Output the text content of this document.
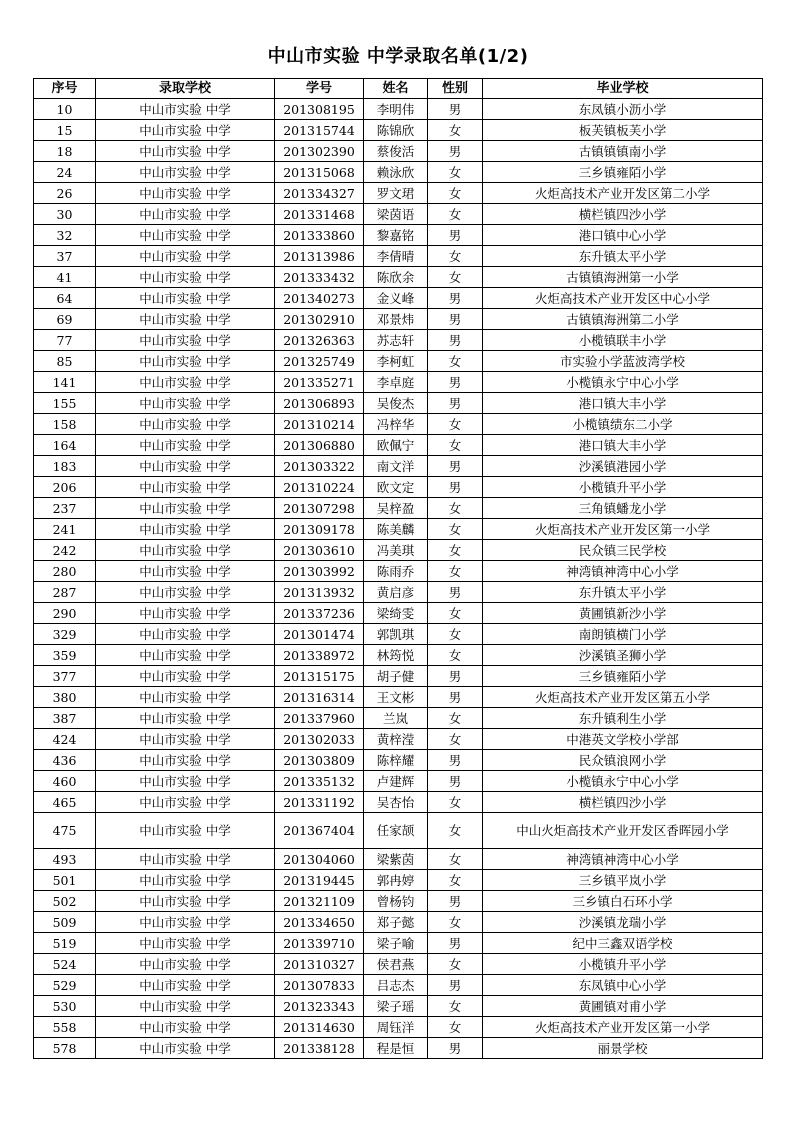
中山市实验 中学录取名单(1/2)
序号	录取学校	学号	姓名	性别	毕业学校
10	中山市实验 中学	201308195	李明伟	男	东凤镇小沥小学
15	中山市实验 中学	201315744	陈锦欣	女	板芙镇板芙小学
18	中山市实验 中学	201302390	蔡俊活	男	古镇镇镇南小学
24	中山市实验 中学	201315068	赖泳欣	女	三乡镇雍陌小学
26	中山市实验 中学	201334327	罗文珺	女	火炬高技术产业开发区第二小学
30	中山市实验 中学	201331468	梁茵语	女	横栏镇四沙小学
32	中山市实验 中学	201333860	黎嘉铭	男	港口镇中心小学
37	中山市实验 中学	201313986	李倩晴	女	东升镇太平小学
41	中山市实验 中学	201333432	陈欣余	女	古镇镇海洲第一小学
64	中山市实验 中学	201340273	金义峰	男	火炬高技术产业开发区中心小学
69	中山市实验 中学	201302910	邓景炜	男	古镇镇海洲第二小学
77	中山市实验 中学	201326363	苏志轩	男	小榄镇联丰小学
85	中山市实验 中学	201325749	李柯虹	女	市实验小学蓝波湾学校
141	中山市实验 中学	201335271	李卓庭	男	小榄镇永宁中心小学
155	中山市实验 中学	201306893	吴俊杰	男	港口镇大丰小学
158	中山市实验 中学	201310214	冯梓华	女	小榄镇绩东二小学
164	中山市实验 中学	201306880	欧佩宁	女	港口镇大丰小学
183	中山市实验 中学	201303322	南文洋	男	沙溪镇港园小学
206	中山市实验 中学	201310224	欧文定	男	小榄镇升平小学
237	中山市实验 中学	201307298	吴梓盈	女	三角镇蟠龙小学
241	中山市实验 中学	201309178	陈美麟	女	火炬高技术产业开发区第一小学
242	中山市实验 中学	201303610	冯美琪	女	民众镇三民学校
280	中山市实验 中学	201303992	陈雨乔	女	神湾镇神湾中心小学
287	中山市实验 中学	201313932	黄启彦	男	东升镇太平小学
290	中山市实验 中学	201337236	梁绮雯	女	黄圃镇新沙小学
329	中山市实验 中学	201301474	郭凯琪	女	南朗镇横门小学
359	中山市实验 中学	201338972	林筠悦	女	沙溪镇圣狮小学
377	中山市实验 中学	201315175	胡子健	男	三乡镇雍陌小学
380	中山市实验 中学	201316314	王文彬	男	火炬高技术产业开发区第五小学
387	中山市实验 中学	201337960	兰岚	女	东升镇利生小学
424	中山市实验 中学	201302033	黄梓滢	女	中港英文学校小学部
436	中山市实验 中学	201303809	陈梓耀	男	民众镇浪网小学
460	中山市实验 中学	201335132	卢建辉	男	小榄镇永宁中心小学
465	中山市实验 中学	201331192	吴杏怡	女	横栏镇四沙小学
475	中山市实验 中学	201367404	任家颉	女	中山火炬高技术产业开发区香晖园小学
493	中山市实验 中学	201304060	梁紫茵	女	神湾镇神湾中心小学
501	中山市实验 中学	201319445	郭冉婷	女	三乡镇平岚小学
502	中山市实验 中学	201321109	曾杨钧	男	三乡镇白石环小学
509	中山市实验 中学	201334650	郑子懿	女	沙溪镇龙瑞小学
519	中山市实验 中学	201339710	梁子喻	男	纪中三鑫双语学校
524	中山市实验 中学	201310327	侯君燕	女	小榄镇升平小学
529	中山市实验 中学	201307833	吕志杰	男	东凤镇中心小学
530	中山市实验 中学	201323343	梁子瑶	女	黄圃镇对甫小学
558	中山市实验 中学	201314630	周钰洋	女	火炬高技术产业开发区第一小学
578	中山市实验 中学	201338128	程是恒	男	丽景学校
